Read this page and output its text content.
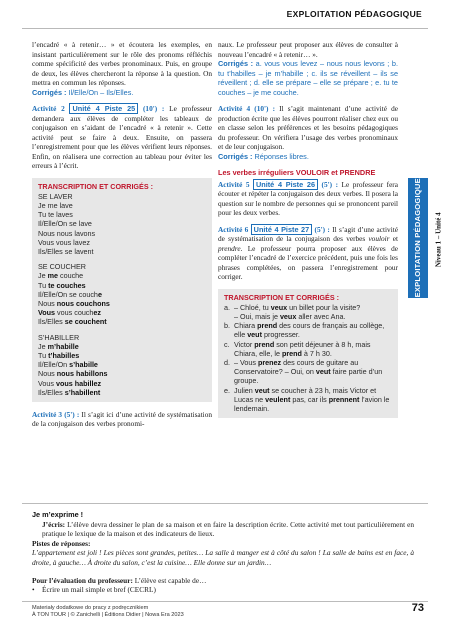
EXPLOITATION PÉDAGOGIQUE

l’encadré « à retenir… » et écoutera les exemples, en insistant particulièrement sur le rôle des pronoms réfléchis comme spécificité des verbes pronominaux. Puis, en groupe de deux, les élèves chercheront la réponse à la question. On mettra en commun les réponses.
Corrigés : Il/Elle/On – Ils/Elles.

Activité 2 Unité 4 Piste 25 (10') : Le professeur demandera aux élèves de compléter les tableaux de conjugaison en s’aidant de l’encadré « à retenir ». Cette activité peut se faire à deux. Ensuite, on passera l’enregistrement pour que les élèves vérifient leurs réponses. Enfin, on réalisera une correction au tableau pour éviter les erreurs à l’écrit.

TRANSCRIPTION ET CORRIGÉS :
SE LAVER
Je me lave
Tu te laves
Il/Elle/On se lave
Nous nous lavons
Vous vous lavez
Ils/Elles se lavent
SE COUCHER
Je me couche
Tu te couches
Il/Elle/On se couche
Nous nous couchons
Vous vous couchez
Ils/Elles se couchent
S’HABILLER
Je m’habille
Tu t’habilles
Il/Elle/On s’habille
Nous nous habillons
Vous vous habillez
Ils/Elles s’habillent

Activité 3 (5') : Il s’agit ici d’une activité de systématisation de la conjugaison des verbes pronomi-

naux. Le professeur peut proposer aux élèves de consulter à nouveau l’encadré « à retenir… ».
Corrigés : a. vous vous levez – nous nous levons ; b. tu t’habilles – je m’habille ; c. ils se réveillent – ils se réveillent ; d. elle se prépare – elle se prépare ; e. tu te couches – je me couche.

Activité 4 (10') : Il s’agit maintenant d’une activité de production écrite que les élèves pourront réaliser chez eux ou en classe selon les préférences et les besoins pédagogiques du professeur. On vérifiera l’usage des verbes pronominaux et de leur conjugaison.
Corrigés : Réponses libres.

Les verbes irréguliers VOULOIR et PRENDRE

Activité 5 Unité 4 Piste 26 (5') : Le professeur fera écouter et répéter la conjugaison des deux verbes. Il posera la question sur le nombre de personnes qui se prononcent pareil pour les deux verbes.

Activité 6 Unité 4 Piste 27 (5') : Il s’agit d’une activité de systématisation de la conjugaison des verbes vouloir et prendre. Le professeur pourra proposer aux élèves de compléter l’encadré de l’exercice précédent, puis une fois les phrases complétées, on passera l’enregistrement pour corriger.

TRANSCRIPTION ET CORRIGÉS :
a. – Chloé, tu veux un billet pour la visite?
– Oui, mais je veux aller avec Ana.
b. Chiara prend des cours de français au collège, elle veut progresser.
c. Victor prend son petit déjeuner à 8 h, mais Chiara, elle, le prend à 7 h 30.
d. – Vous prenez des cours de guitare au Conservatoire? – Oui, on veut faire partie d’un groupe.
e. Julien veut se coucher à 23 h, mais Victor et Lucas ne veulent pas, car ils prennent l’avion le lendemain.
EXPLOITATION PÉDAGOGIQUE Niveau 1 – Unité 4
Je m’exprime !
J’écris: L’élève devra dessiner le plan de sa maison et en faire la description écrite. Cette activité met tout particulièrement en pratique le lexique de la maison et des indicateurs de lieux.
Pistes de réponses:
L’appartement est joli ! Les pièces sont grandes, petites… La salle à manger est à côté du salon ! La salle de bains est en face, à droite, à gauche… À droite du salon, c’est la cuisine… Elle donne sur un jardin…
Pour l’évaluation du professeur: L’élève est capable de…
•	Écrire un mail simple et bref (CECRL)
Materiały dodatkowe do pracy z podręcznikiem
À TON TOUR | © Zanichelli | Éditions Didier | Nowa Era 2023
73
